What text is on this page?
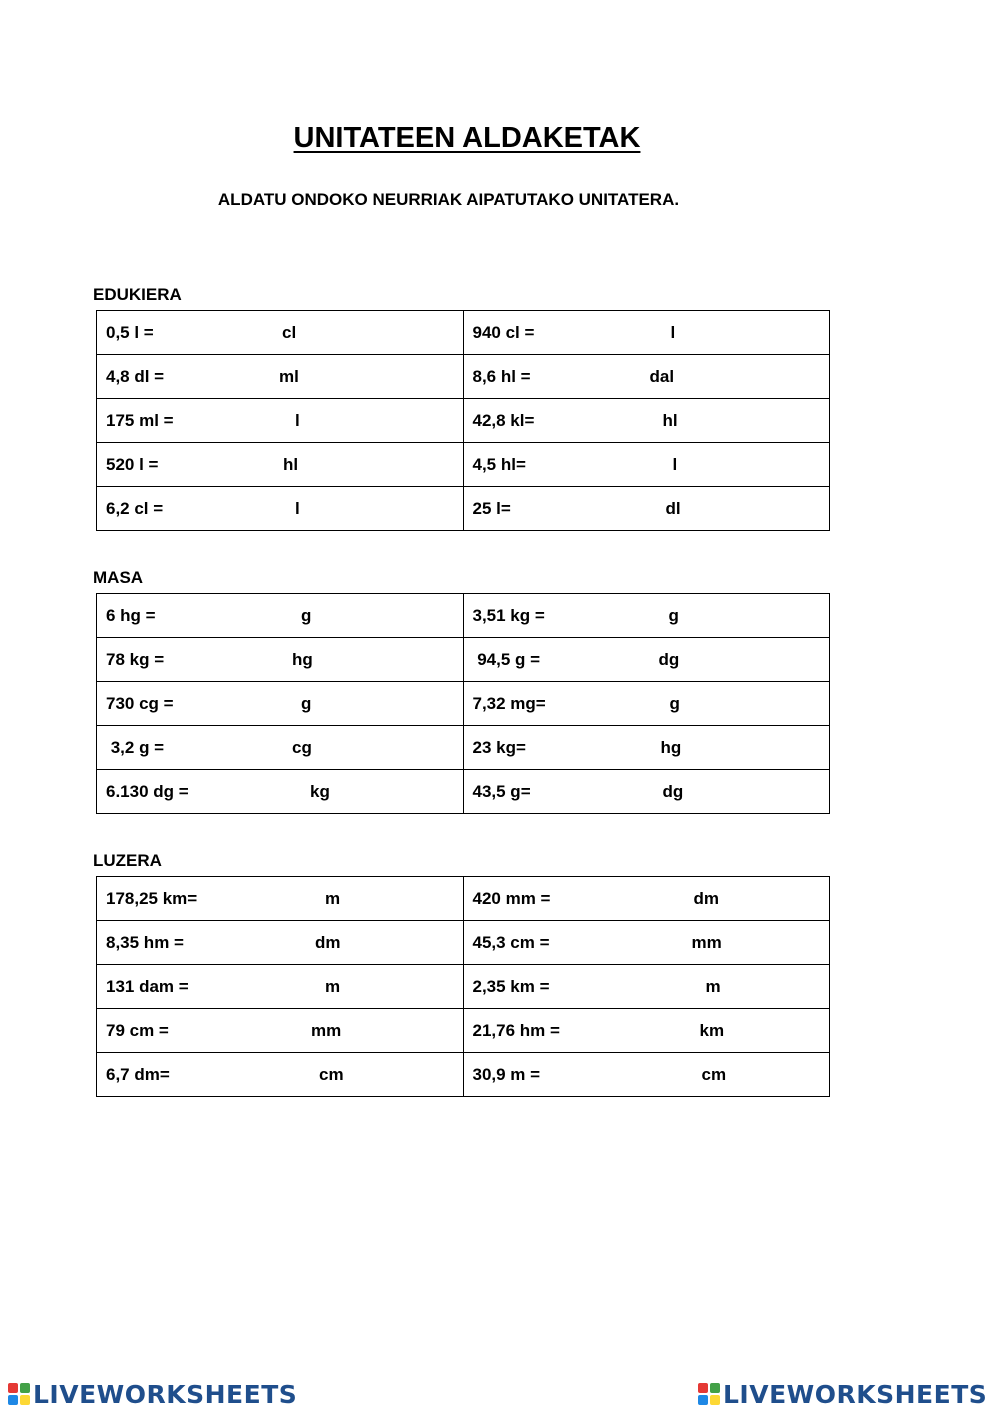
UNITATEEN ALDAKETAK

ALDATU ONDOKO NEURRIAK AIPATUTAKO UNITATERA.

EDUKIERA
0,5 l = cl	940 cl = l

4,8 dl = ml	8,6 hl = dal

175 ml = l	42,8 kl= hl

520 l = hl	4,5 hl= l

6,2 cl = l	25 l= dl
MASA
6 hg = g	3,51 kg = g

78 kg = hg	94,5 g = dg

730 cg = g	7,32 mg= g

3,2 g = cg	23 kg= hg

6.130 dg = kg	43,5 g= dg
LUZERA
178,25 km= m	420 mm = dm

8,35 hm = dm	45,3 cm = mm

131 dam = m	2,35 km = m

79 cm = mm	21,76 hm = km

6,7 dm= cm	30,9 m = cm
LIVEWORKSHEETS	LIVEWORKSHEETS
